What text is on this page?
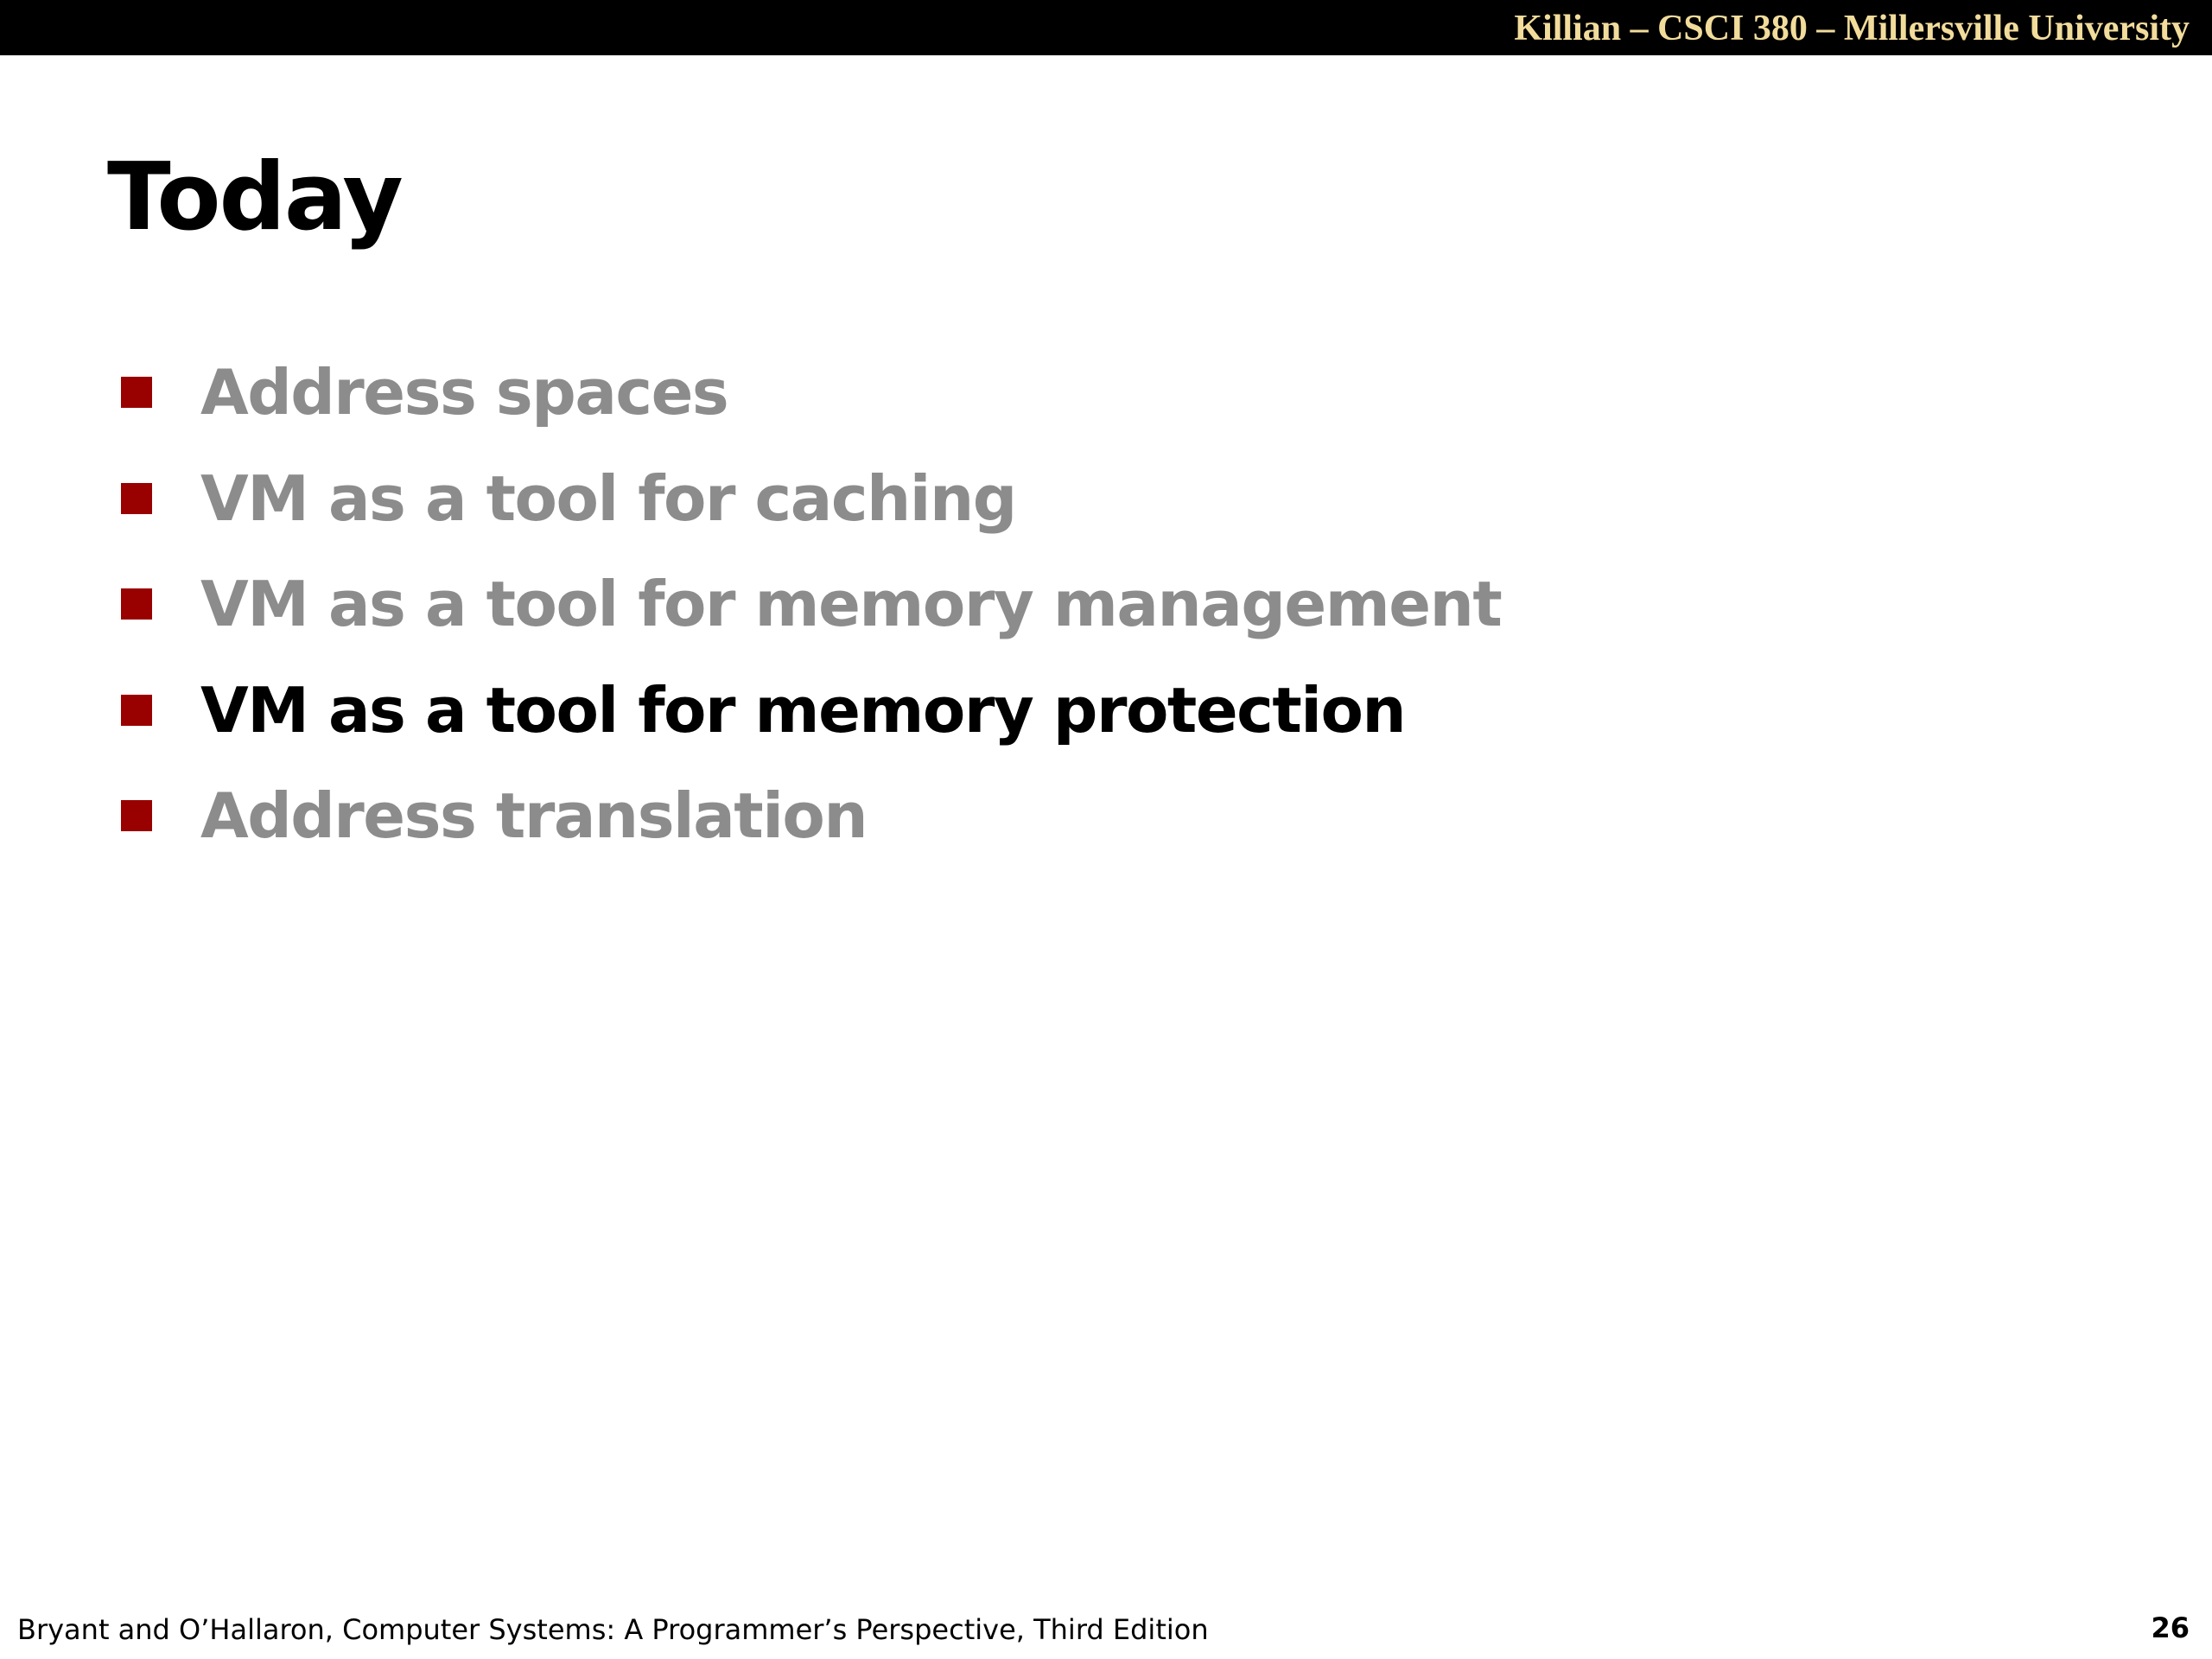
Killian – CSCI 380 – Millersville University
Today
Address spaces
VM as a tool for caching
VM as a tool for memory management
VM as a tool for memory protection
Address translation
Bryant and O’Hallaron, Computer Systems: A Programmer’s Perspective, Third Edition	26
